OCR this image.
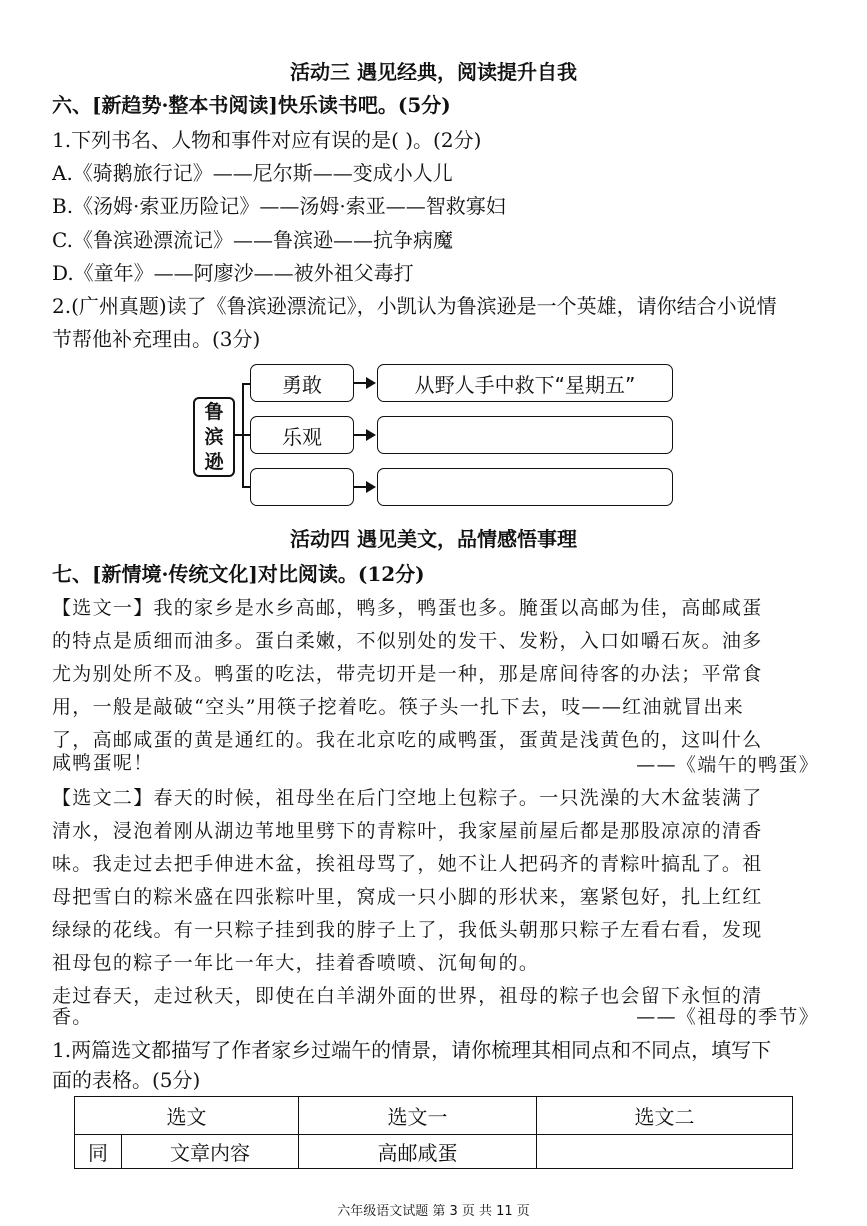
活动三 遇见经典，阅读提升自我
六、[新趋势·整本书阅读]快乐读书吧。(5分)
1.下列书名、人物和事件对应有误的是( )。(2分)
A.《骑鹅旅行记》——尼尔斯——变成小人儿
B.《汤姆·索亚历险记》——汤姆·索亚——智救寡妇
C.《鲁滨逊漂流记》——鲁滨逊——抗争病魔
D.《童年》——阿廖沙——被外祖父毒打
2.(广州真题)读了《鲁滨逊漂流记》，小凯认为鲁滨逊是一个英雄，请你结合小说情
节帮他补充理由。(3分)
鲁
滨
逊
勇敢	从野人手中救下“星期五”
乐观
活动四 遇见美文，品情感悟事理
七、[新情境·传统文化]对比阅读。(12分)
【选文一】我的家乡是水乡高邮，鸭多，鸭蛋也多。腌蛋以高邮为佳，高邮咸蛋
的特点是质细而油多。蛋白柔嫩，不似别处的发干、发粉，入口如嚼石灰。油多
尤为别处所不及。鸭蛋的吃法，带壳切开是一种，那是席间待客的办法；平常食
用，一般是敲破“空头”用筷子挖着吃。筷子头一扎下去，吱——红油就冒出来
了，高邮咸蛋的黄是通红的。我在北京吃的咸鸭蛋，蛋黄是浅黄色的，这叫什么
咸鸭蛋呢！	——《端午的鸭蛋》
【选文二】春天的时候，祖母坐在后门空地上包粽子。一只洗澡的大木盆装满了
清水，浸泡着刚从湖边苇地里劈下的青粽叶，我家屋前屋后都是那股凉凉的清香
味。我走过去把手伸进木盆，挨祖母骂了，她不让人把码齐的青粽叶搞乱了。祖
母把雪白的粽米盛在四张粽叶里，窝成一只小脚的形状来，塞紧包好，扎上红红
绿绿的花线。有一只粽子挂到我的脖子上了，我低头朝那只粽子左看右看，发现
祖母包的粽子一年比一年大，挂着香喷喷、沉甸甸的。
走过春天，走过秋天，即使在白羊湖外面的世界，祖母的粽子也会留下永恒的清
香。	——《祖母的季节》
1.两篇选文都描写了作者家乡过端午的情景，请你梳理其相同点和不同点，填写下
面的表格。(5分)
选文		选文一	选文二
同	文章内容	高邮咸蛋	
六年级语文试题 第 3 页 共 11 页
